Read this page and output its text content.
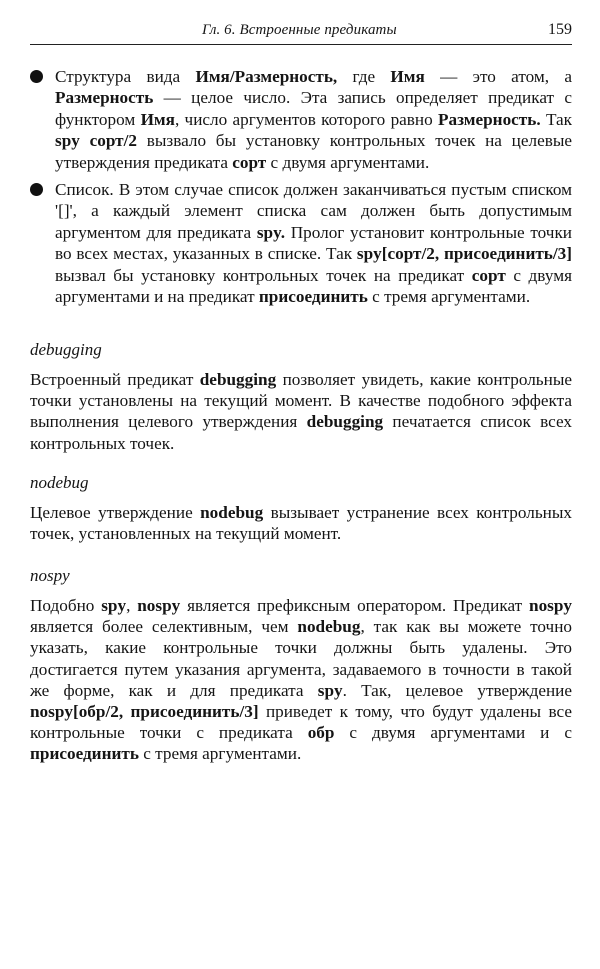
Гл. 6. Встроенные предикаты	159
Структура вида Имя/Размерность, где Имя — это атом, а Размерность — целое число. Эта запись определяет предикат с функтором Имя, число аргументов которого равно Размерность. Так spy сорт/2 вызвало бы установку контрольных точек на целевые утверждения предиката сорт с двумя аргументами.
Список. В этом случае список должен заканчиваться пустым списком '[]', а каждый элемент списка сам должен быть допустимым аргументом для предиката spy. Пролог установит контрольные точки во всех местах, указанных в списке. Так spy[сорт/2, присоединить/3] вызвал бы установку контрольных точек на предикат сорт с двумя аргументами и на предикат присоединить с тремя аргументами.
debugging
Встроенный предикат debugging позволяет увидеть, какие контрольные точки установлены на текущий момент. В качестве подобного эффекта выполнения целевого утверждения debugging печатается список всех контрольных точек.
nodebug
Целевое утверждение nodebug вызывает устранение всех контрольных точек, установленных на текущий момент.
nospy
Подобно spy, nospy является префиксным оператором. Предикат nospy является более селективным, чем nodebug, так как вы можете точно указать, какие контрольные точки должны быть удалены. Это достигается путем указания аргумента, задаваемого в точности в такой же форме, как и для предиката spy. Так, целевое утверждение nospy[обр/2, присоединить/3] приведет к тому, что будут удалены все контрольные точки с предиката обр с двумя аргументами и с присоединить с тремя аргументами.
